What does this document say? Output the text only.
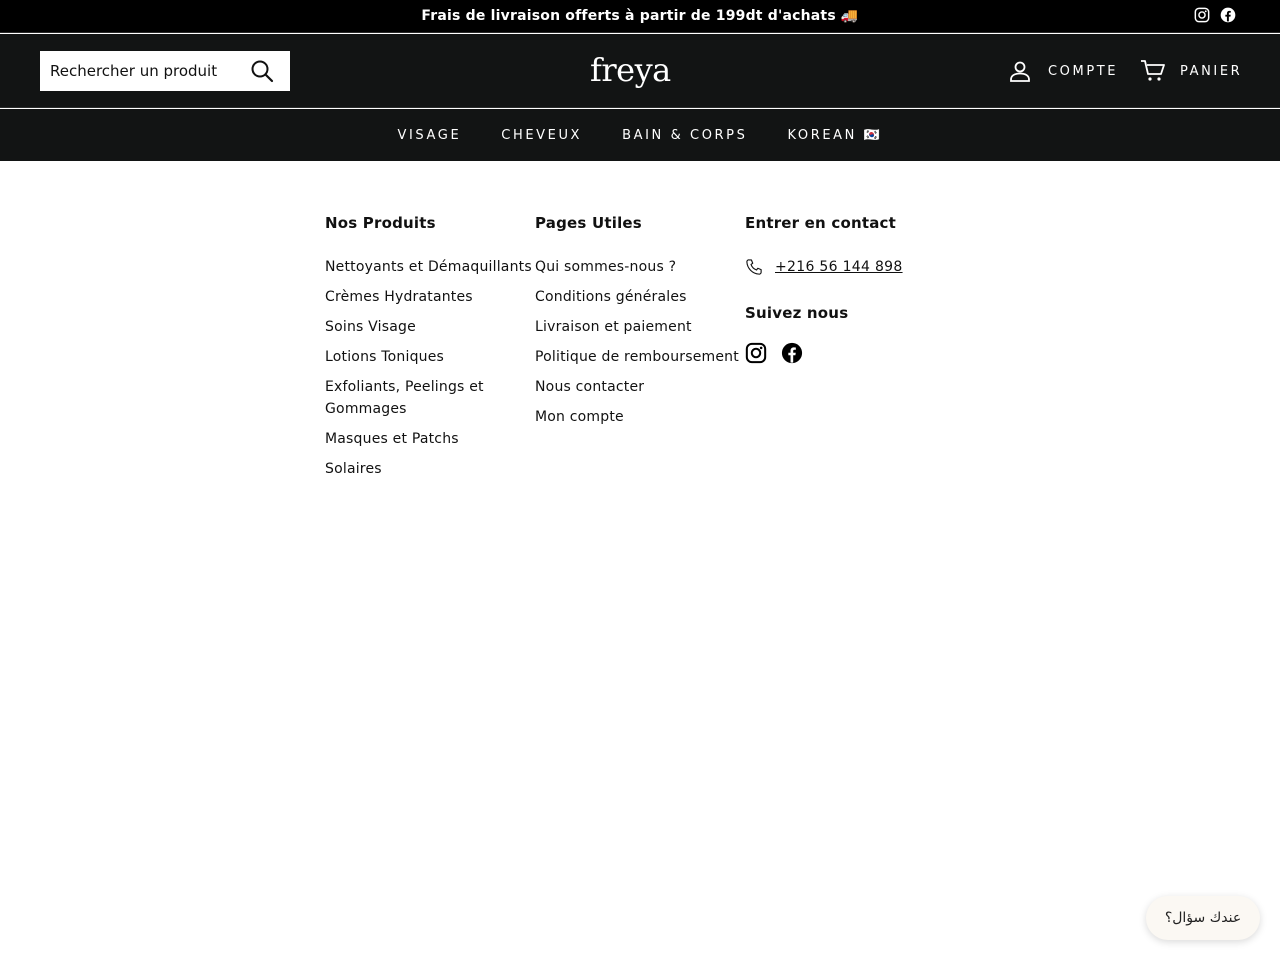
Frais de livraison offerts à partir de 199dt d'achats 🚚
Rechercher un produit
freya	COMPTE	PANIER
VISAGE	CHEVEUX	BAIN & CORPS	KOREAN 🇰🇷
Nos Produits
Nettoyants et Démaquillants
Crèmes Hydratantes
Soins Visage
Lotions Toniques
Exfoliants, Peelings et Gommages
Masques et Patchs
Solaires
Pages Utiles
Qui sommes-nous ?
Conditions générales
Livraison et paiement
Politique de remboursement
Nous contacter
Mon compte
Entrer en contact
+216 56 144 898
Suivez nous
عندك سؤال؟
